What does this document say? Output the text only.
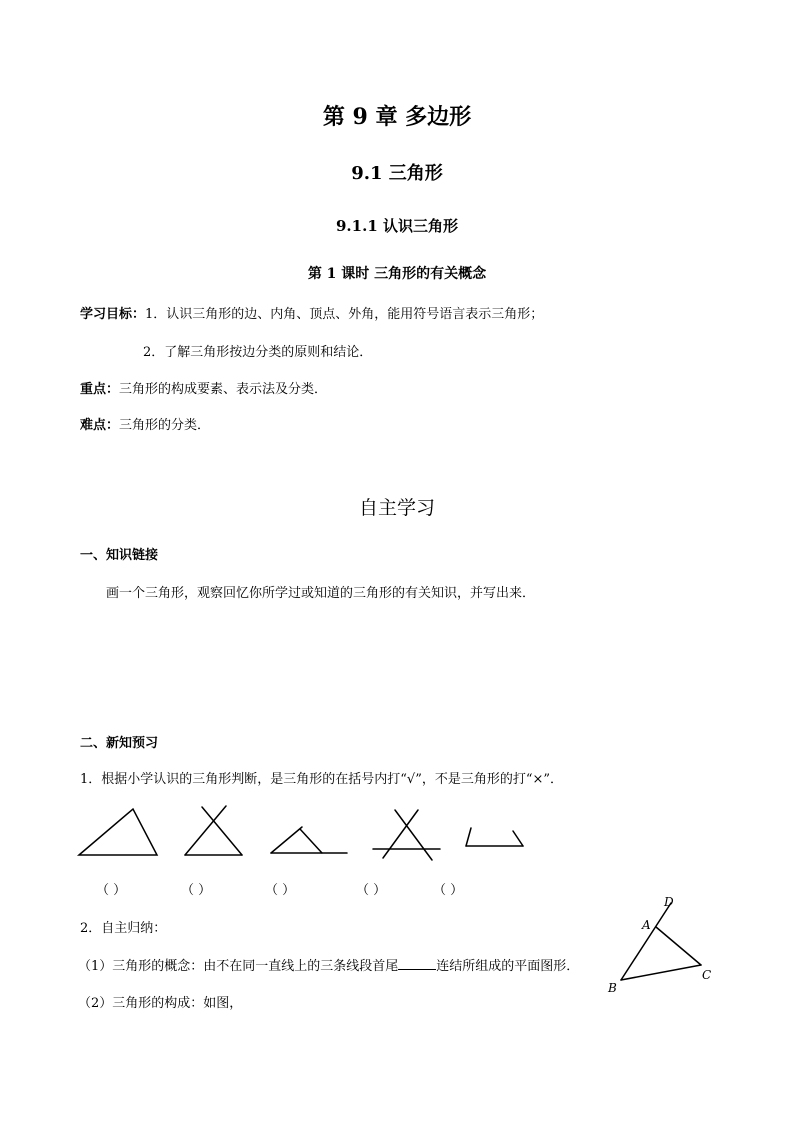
第 9 章 多边形
9.1 三角形
9.1.1 认识三角形
第 1 课时 三角形的有关概念
学习目标：1．认识三角形的边、内角、顶点、外角，能用符号语言表示三角形；
2．了解三角形按边分类的原则和结论．
重点：三角形的构成要素、表示法及分类．
难点：三角形的分类．
自主学习
一、知识链接
画一个三角形，观察回忆你所学过或知道的三角形的有关知识，并写出来．
二、新知预习
1．根据小学认识的三角形判断，是三角形的在括号内打“√”，不是三角形的打“×”．
（ ）	（ ）	（ ）	（ ）	（ ）
2．自主归纳：
（1）三角形的概念：由不在同一直线上的三条线段首尾	连结所组成的平面图形．
（2）三角形的构成：如图，
D
A
B
C
